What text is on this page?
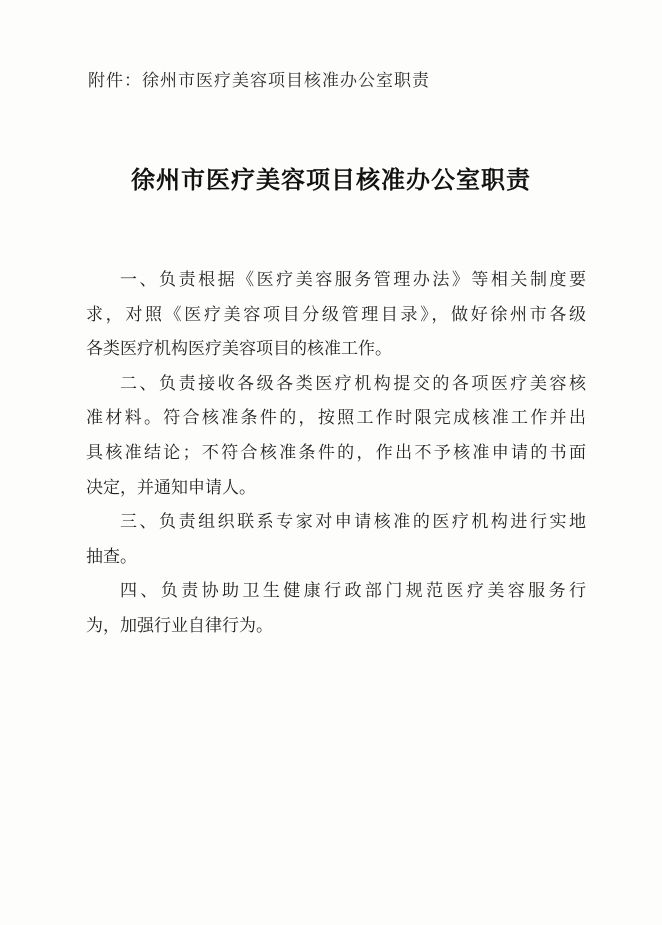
附件：徐州市医疗美容项目核准办公室职责
徐州市医疗美容项目核准办公室职责
一、负责根据《医疗美容服务管理办法》等相关制度要
求，对照《医疗美容项目分级管理目录》，做好徐州市各级
各类医疗机构医疗美容项目的核准工作。
二、负责接收各级各类医疗机构提交的各项医疗美容核
准材料。符合核准条件的，按照工作时限完成核准工作并出
具核准结论；不符合核准条件的，作出不予核准申请的书面
决定，并通知申请人。
三、负责组织联系专家对申请核准的医疗机构进行实地
抽查。
四、负责协助卫生健康行政部门规范医疗美容服务行
为，加强行业自律行为。
